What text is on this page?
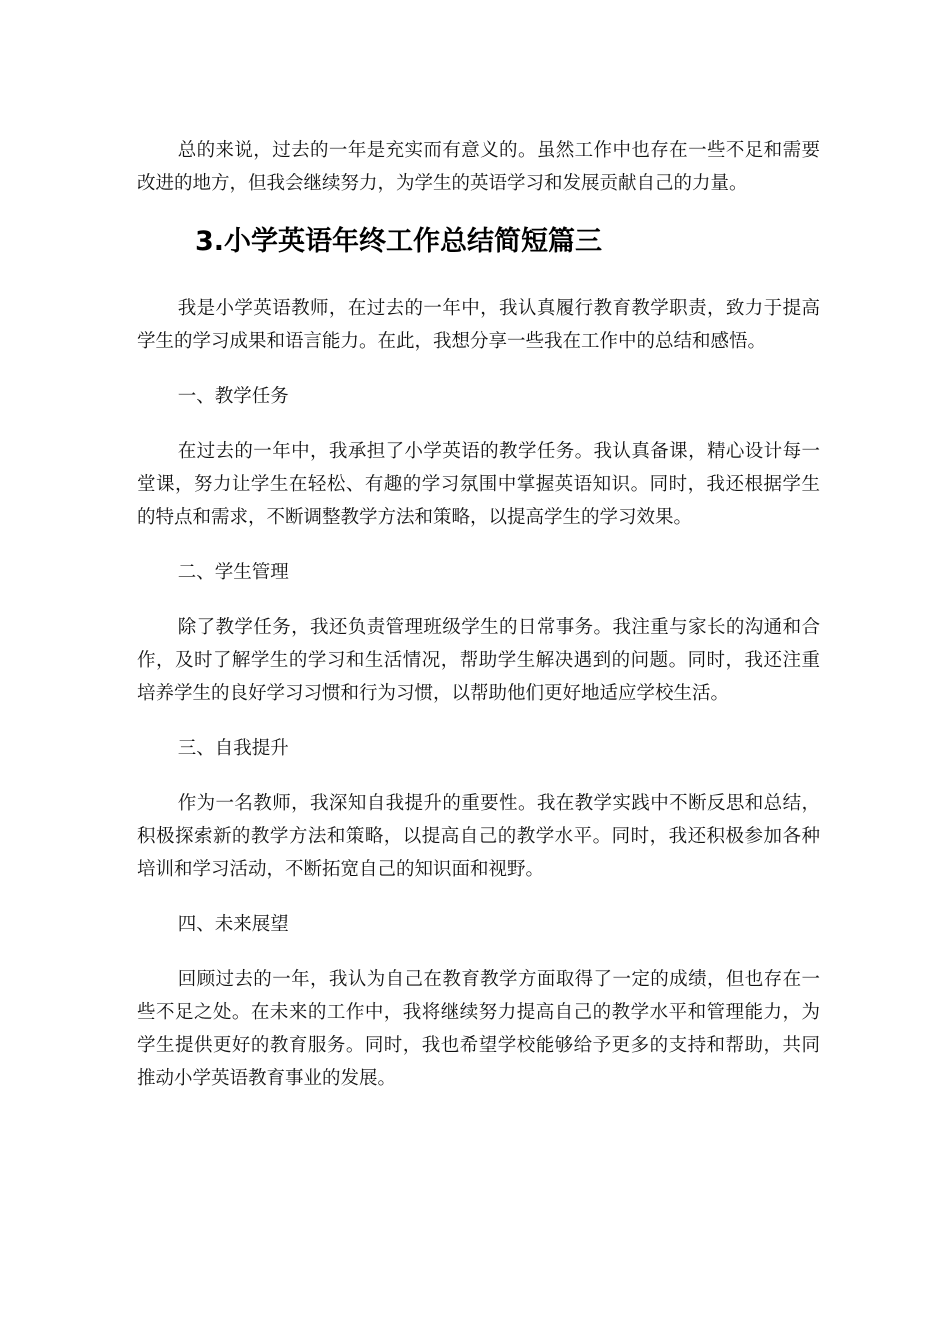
总的来说，过去的一年是充实而有意义的。虽然工作中也存在一些不足和需要改进的地方，但我会继续努力，为学生的英语学习和发展贡献自己的力量。

3.小学英语年终工作总结简短篇三

我是小学英语教师，在过去的一年中，我认真履行教育教学职责，致力于提高学生的学习成果和语言能力。在此，我想分享一些我在工作中的总结和感悟。

一、教学任务

在过去的一年中，我承担了小学英语的教学任务。我认真备课，精心设计每一堂课，努力让学生在轻松、有趣的学习氛围中掌握英语知识。同时，我还根据学生的特点和需求，不断调整教学方法和策略，以提高学生的学习效果。

二、学生管理

除了教学任务，我还负责管理班级学生的日常事务。我注重与家长的沟通和合作，及时了解学生的学习和生活情况，帮助学生解决遇到的问题。同时，我还注重培养学生的良好学习习惯和行为习惯，以帮助他们更好地适应学校生活。

三、自我提升

作为一名教师，我深知自我提升的重要性。我在教学实践中不断反思和总结，积极探索新的教学方法和策略，以提高自己的教学水平。同时，我还积极参加各种培训和学习活动，不断拓宽自己的知识面和视野。

四、未来展望

回顾过去的一年，我认为自己在教育教学方面取得了一定的成绩，但也存在一些不足之处。在未来的工作中，我将继续努力提高自己的教学水平和管理能力，为学生提供更好的教育服务。同时，我也希望学校能够给予更多的支持和帮助，共同推动小学英语教育事业的发展。
